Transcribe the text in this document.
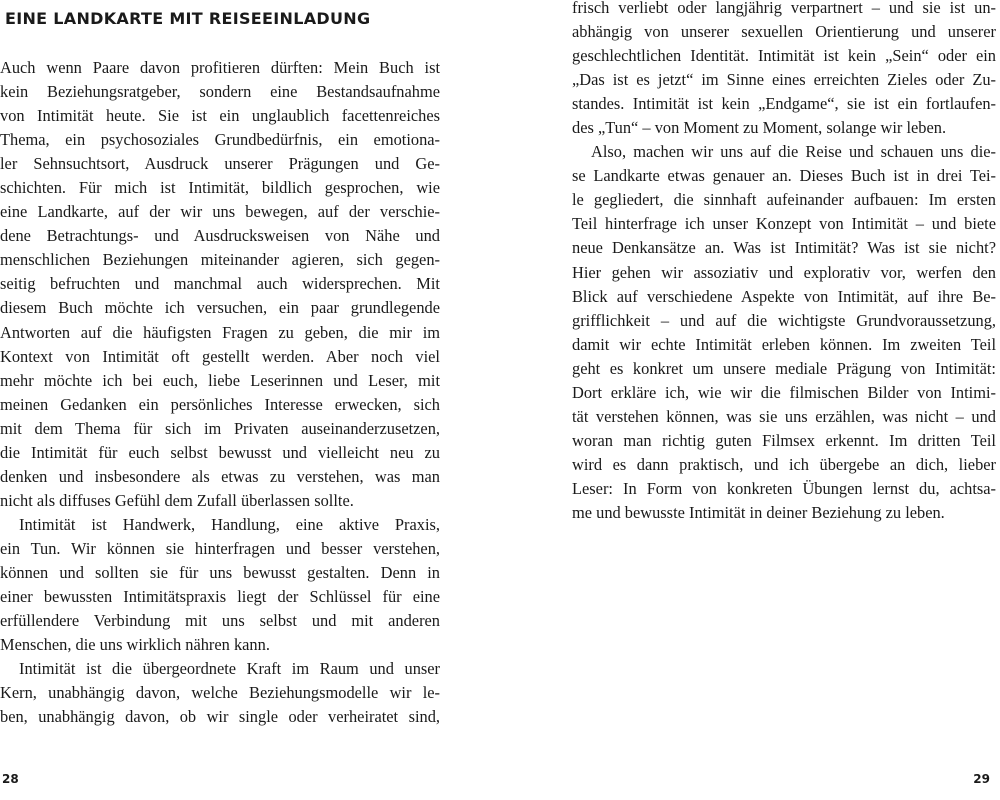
EINE LANDKARTE MIT REISEEINLADUNG

Auch wenn Paare davon profitieren dürften: Mein Buch ist
kein Beziehungsratgeber, sondern eine Bestandsaufnahme
von Intimität heute. Sie ist ein unglaublich facettenreiches
Thema, ein psychosoziales Grundbedürfnis, ein emotiona-
ler Sehnsuchtsort, Ausdruck unserer Prägungen und Ge-
schichten. Für mich ist Intimität, bildlich gesprochen, wie
eine Landkarte, auf der wir uns bewegen, auf der verschie-
dene Betrachtungs- und Ausdrucksweisen von Nähe und
menschlichen Beziehungen miteinander agieren, sich gegen-
seitig befruchten und manchmal auch widersprechen. Mit
diesem Buch möchte ich versuchen, ein paar grundlegende
Antworten auf die häufigsten Fragen zu geben, die mir im
Kontext von Intimität oft gestellt werden. Aber noch viel
mehr möchte ich bei euch, liebe Leserinnen und Leser, mit
meinen Gedanken ein persönliches Interesse erwecken, sich
mit dem Thema für sich im Privaten auseinanderzusetzen,
die Intimität für euch selbst bewusst und vielleicht neu zu
denken und insbesondere als etwas zu verstehen, was man
nicht als diffuses Gefühl dem Zufall überlassen sollte.

Intimität ist Handwerk, Handlung, eine aktive Praxis,
ein Tun. Wir können sie hinterfragen und besser verstehen,
können und sollten sie für uns bewusst gestalten. Denn in
einer bewussten Intimitätspraxis liegt der Schlüssel für eine
erfüllendere Verbindung mit uns selbst und mit anderen
Menschen, die uns wirklich nähren kann.

Intimität ist die übergeordnete Kraft im Raum und unser
Kern, unabhängig davon, welche Beziehungsmodelle wir le-
ben, unabhängig davon, ob wir single oder verheiratet sind,

28

frisch verliebt oder langjährig verpartnert – und sie ist un-
abhängig von unserer sexuellen Orientierung und unserer
geschlechtlichen Identität. Intimität ist kein „Sein“ oder ein
„Das ist es jetzt“ im Sinne eines erreichten Zieles oder Zu-
standes. Intimität ist kein „Endgame“, sie ist ein fortlaufen-
des „Tun“ – von Moment zu Moment, solange wir leben.

Also, machen wir uns auf die Reise und schauen uns die-
se Landkarte etwas genauer an. Dieses Buch ist in drei Tei-
le gegliedert, die sinnhaft aufeinander aufbauen: Im ersten
Teil hinterfrage ich unser Konzept von Intimität – und biete
neue Denkansätze an. Was ist Intimität? Was ist sie nicht?
Hier gehen wir assoziativ und explorativ vor, werfen den
Blick auf verschiedene Aspekte von Intimität, auf ihre Be-
grifflichkeit – und auf die wichtigste Grundvoraussetzung,
damit wir echte Intimität erleben können. Im zweiten Teil
geht es konkret um unsere mediale Prägung von Intimität:
Dort erkläre ich, wie wir die filmischen Bilder von Intimi-
tät verstehen können, was sie uns erzählen, was nicht – und
woran man richtig guten Filmsex erkennt. Im dritten Teil
wird es dann praktisch, und ich übergebe an dich, lieber
Leser: In Form von konkreten Übungen lernst du, achtsa-
me und bewusste Intimität in deiner Beziehung zu leben.

29
